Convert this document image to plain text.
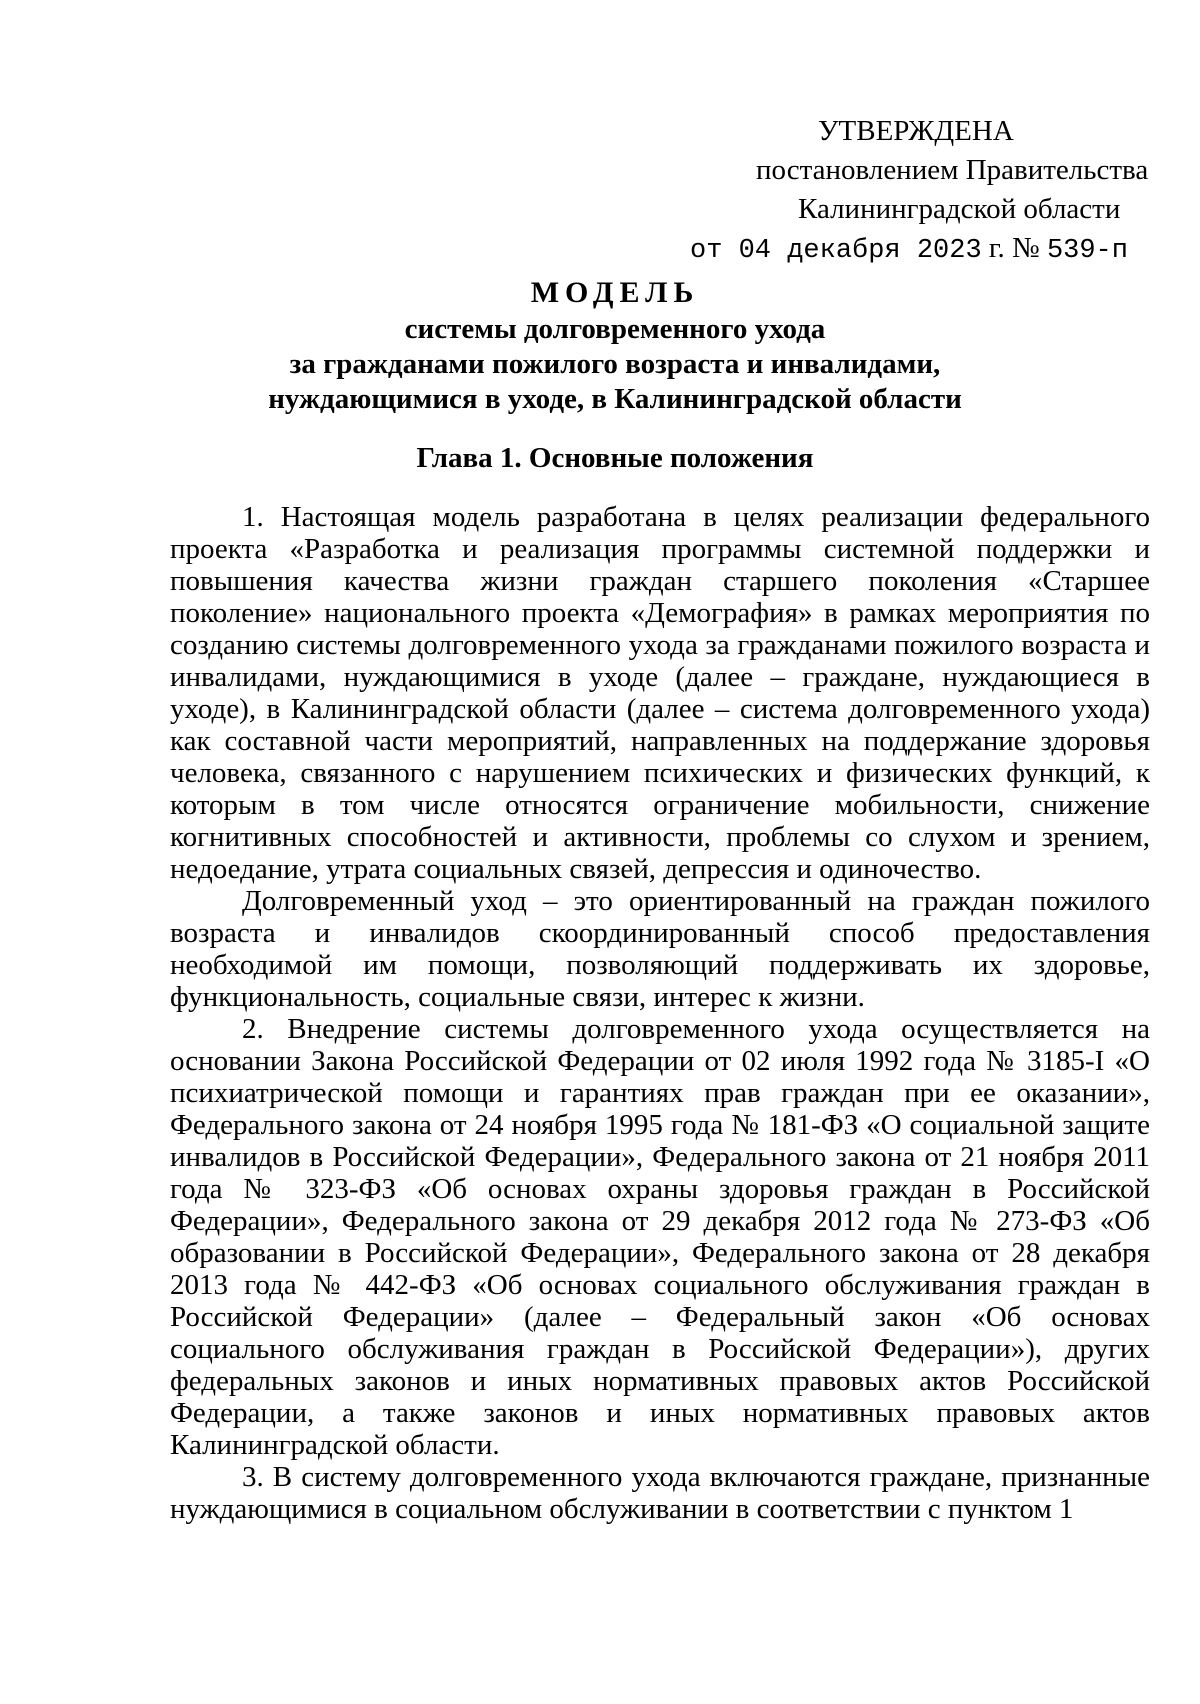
УТВЕРЖДЕНА
постановлением Правительства
Калининградской области
от 04 декабря 2023 г. № 539-п
МОДЕЛЬ
системы долговременного ухода
за гражданами пожилого возраста и инвалидами,
нуждающимися в уходе, в Калининградской области
Глава 1. Основные положения

1. Настоящая модель разработана в целях реализации федерального проекта «Разработка и реализация программы системной поддержки и повышения качества жизни граждан старшего поколения «Старшее поколение» национального проекта «Демография» в рамках мероприятия по созданию системы долговременного ухода за гражданами пожилого возраста и инвалидами, нуждающимися в уходе (далее – граждане, нуждающиеся в уходе), в Калининградской области (далее – система долговременного ухода) как составной части мероприятий, направленных на поддержание здоровья человека, связанного с нарушением психических и физических функций, к которым в том числе относятся ограничение мобильности, снижение когнитивных способностей и активности, проблемы со слухом и зрением, недоедание, утрата социальных связей, депрессия и одиночество.

Долговременный уход – это ориентированный на граждан пожилого возраста и инвалидов скоординированный способ предоставления необходимой им помощи, позволяющий поддерживать их здоровье, функциональность, социальные связи, интерес к жизни.

2. Внедрение системы долговременного ухода осуществляется на основании Закона Российской Федерации от 02 июля 1992 года № 3185-I «О психиатрической помощи и гарантиях прав граждан при ее оказании», Федерального закона от 24 ноября 1995 года № 181-ФЗ «О социальной защите инвалидов в Российской Федерации», Федерального закона от 21 ноября 2011 года № 323-ФЗ «Об основах охраны здоровья граждан в Российской Федерации», Федерального закона от 29 декабря 2012 года № 273-ФЗ «Об образовании в Российской Федерации», Федерального закона от 28 декабря 2013 года № 442-ФЗ «Об основах социального обслуживания граждан в Российской Федерации» (далее – Федеральный закон «Об основах социального обслуживания граждан в Российской Федерации»), других федеральных законов и иных нормативных правовых актов Российской Федерации, а также законов и иных нормативных правовых актов Калининградской области.

3. В систему долговременного ухода включаются граждане, признанные нуждающимися в социальном обслуживании в соответствии с пунктом 1
